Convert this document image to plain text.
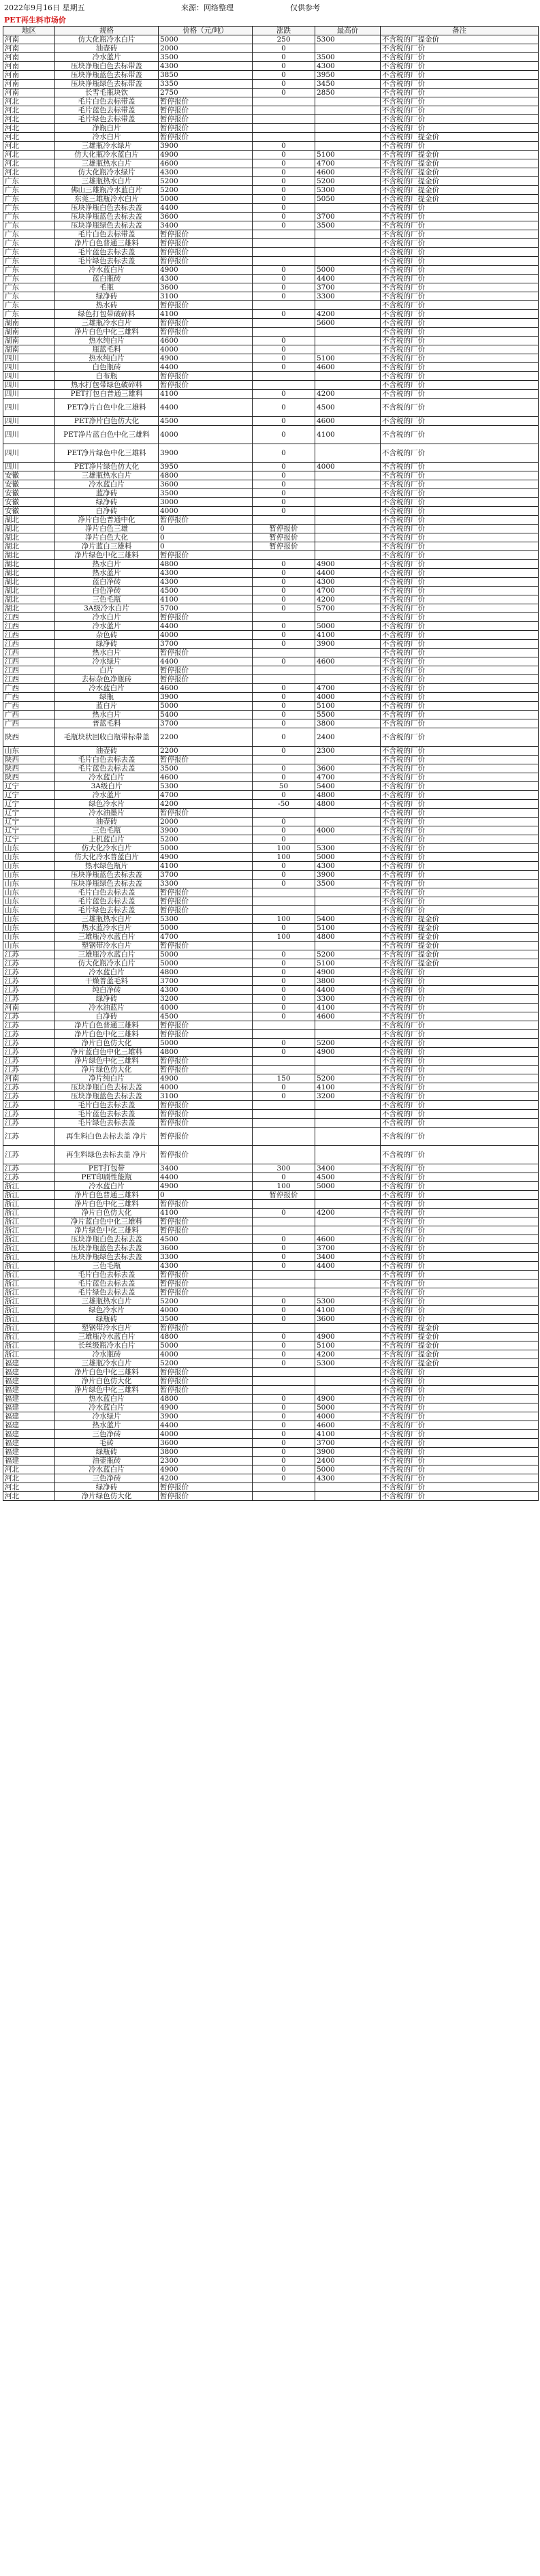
2022年9月16日 星期五	来源：网络整理	仅供参考
PET再生料市场价
地区	规格	价格（元/吨）	涨跌	最高价	备注
河南	仿大化瓶冷水白片	5000	250	5300	不含税的厂提金价
河南	油壶砖	2000	0		不含税的厂价
河南	冷水蓝片	3500	0	3500	不含税的厂价
河南	压块净瓶白色去标带盖	4300	0	4300	不含税的厂价
河南	压块净瓶蓝色去标带盖	3850	0	3950	不含税的厂价
河南	压块净瓶绿色去标带盖	3350	0	3450	不含税的厂价
河南	长雪毛瓶块饮	2750	0	2850	不含税的厂价
河北	毛片白色去标带盖	暂停报价			不含税的厂价
河北	毛片蓝色去标带盖	暂停报价			不含税的厂价
河北	毛片绿色去标带盖	暂停报价			不含税的厂价
河北	净瓶白片	暂停报价			不含税的厂价
河北	冷水白片	暂停报价			不含税的厂提金价
河北	三雄瓶冷水绿片	3900	0		不含税的厂价
河北	仿大化瓶冷水蓝白片	4900	0	5100	不含税的厂提金价
河北	三雄瓶热水白片	4600	0	4700	不含税的厂提金价
河北	仿大化瓶冷水绿片	4300	0	4600	不含税的厂提金价
广东	三雄瓶热水白片	5200	0	5200	不含税的厂提金价
广东	佛山三雄瓶冷水蓝白片	5200	0	5300	不含税的厂提金价
广东	东莞三雄瓶冷水白片	5000	0	5050	不含税的厂提金价
广东	压块净瓶白色去标去盖	4400	0		不含税的厂价
广东	压块净瓶蓝色去标去盖	3600	0	3700	不含税的厂价
广东	压块净瓶绿色去标去盖	3400	0	3500	不含税的厂价
广东	毛片白色去标带盖	暂停报价			不含税的厂价
广东	净片白色普通三雄料	暂停报价			不含税的厂价
广东	毛片蓝色去标去盖	暂停报价			不含税的厂价
广东	毛片绿色去标去盖	暂停报价			不含税的厂价
广东	冷水蓝白片	4900	0	5000	不含税的厂价
广东	蓝白瓶砖	4300	0	4400	不含税的厂价
广东	毛瓶	3600	0	3700	不含税的厂价
广东	绿净砖	3100	0	3300	不含税的厂价
广东	热水砖	暂停报价			不含税的厂价
广东	绿色打包带破碎料	4100	0	4200	不含税的厂价
湖南	三雄瓶冷水白片	暂停报价		5600	不含税的厂价
湖南	净片白色中化三雄料	暂停报价			不含税的厂价
湖南	热水纯白片	4600	0		不含税的厂价
湖南	瓶蓝毛料	4000	0		不含税的厂价
四川	热水纯白片	4900	0	5100	不含税的厂价
四川	白色瓶砖	4400	0	4600	不含税的厂价
四川	白布瓶	暂停报价			不含税的厂价
四川	热水打包带绿色破碎料	暂停报价			不含税的厂价
四川	PET打包白普通三雄料	4100	0	4200	不含税的厂价
四川	PET净片白色中化三雄料	4400	0	4500	不含税的厂价
四川	PET净片白色仿大化	4500	0	4600	不含税的厂价
四川	PET净片蓝白色中化三雄料	4000	0	4100	不含税的厂价
四川	PET净片绿色中化三雄料	3900	0		不含税的厂价
四川	PET净片绿色仿大化	3950	0	4000	不含税的厂价
安徽	三雄瓶热水白片	4800	0		不含税的厂价
安徽	冷水蓝白片	3600	0		不含税的厂价
安徽	蓝净砖	3500	0		不含税的厂价
安徽	绿净砖	3000	0		不含税的厂价
安徽	白净砖	4000	0		不含税的厂价
湖北	净片白色普通中化	暂停报价			不含税的厂价
湖北	净片白色三雄	0	暂停报价		不含税的厂价
湖北	净片白色大化	0	暂停报价		不含税的厂价
湖北	净片蓝白三雄料	0	暂停报价		不含税的厂价
湖北	净片绿色中化三雄料	暂停报价			不含税的厂价
湖北	热水白片	4800	0	4900	不含税的厂价
湖北	热水蓝片	4300	0	4400	不含税的厂价
湖北	蓝白净砖	4300	0	4300	不含税的厂价
湖北	白色净砖	4500	0	4700	不含税的厂价
湖北	三色毛瓶	4100	0	4200	不含税的厂价
湖北	3A级冷水白片	5700	0	5700	不含税的厂价
江西	冷水白片	暂停报价			不含税的厂价
江西	冷水蓝片	4400	0	5000	不含税的厂价
江西	杂色砖	4000	0	4100	不含税的厂价
江西	绿净砖	3700	0	3900	不含税的厂价
江西	热水白片	暂停报价			不含税的厂价
江西	冷水绿片	4400	0	4600	不含税的厂价
江西	白片	暂停报价			不含税的厂价
江西	去标杂色净瓶砖	暂停报价			不含税的厂价
广西	冷水蓝白片	4600	0	4700	不含税的厂价
广西	绿瓶	3900	0	4000	不含税的厂价
广西	蓝白片	5000	0	5100	不含税的厂价
广西	热水白片	5400	0	5500	不含税的厂价
广西	普蓝毛料	3700	0	3800	不含税的厂价
陕西	毛瓶块状回收白瓶带标带盖	2200	0	2400	不含税的厂价
山东	油壶砖	2200	0	2300	不含税的厂价
陕西	毛片白色去标去盖	暂停报价			不含税的厂价
陕西	毛片蓝色去标去盖	3500	0	3600	不含税的厂价
陕西	冷水蓝白片	4600	0	4700	不含税的厂价
辽宁	3A级白片	5300	50	5400	不含税的厂价
辽宁	冷水蓝片	4700	0	4800	不含税的厂价
辽宁	绿色冷水片	4200	-50	4800	不含税的厂价
辽宁	冷水油墨片	暂停报价			不含税的厂价
辽宁	油壶砖	2000	0		不含税的厂价
辽宁	三色毛瓶	3900	0	4000	不含税的厂价
辽宁	上机蓝白片	5200	0		不含税的厂价
山东	仿大化冷水白片	5000	100	5300	不含税的厂价
山东	仿大化冷水普蓝白片	4900	100	5000	不含税的厂价
山东	热水绿色瓶片	4100	0	4300	不含税的厂价
山东	压块净瓶蓝色去标去盖	3700	0	3900	不含税的厂价
山东	压块净瓶绿色去标去盖	3300	0	3500	不含税的厂价
山东	毛片白色去标去盖	暂停报价			不含税的厂价
山东	毛片蓝色去标去盖	暂停报价			不含税的厂价
山东	毛片绿色去标去盖	暂停报价			不含税的厂价
山东	三雄瓶热水白片	5300	100	5400	不含税的厂提金价
山东	热水蓝冷水白片	5000	0	5100	不含税的厂提金价
山东	三雄瓶冷水蓝白片	4700	100	4800	不含税的厂提金价
山东	塑钢带冷水白片	暂停报价			不含税的厂提金价
江苏	三雄瓶冷水蓝白片	5000	0	5200	不含税的厂提金价
江苏	仿大化瓶冷水白片	5000	0	5100	不含税的厂提金价
江苏	冷水蓝白片	4800	0	4900	不含税的厂价
江苏	干燥普蓝毛料	3700	0	3800	不含税的厂价
江苏	纯白净砖	4300	0	4400	不含税的厂价
江苏	绿净砖	3200	0	3300	不含税的厂价
河南	冷水油蓝片	4000	0	4100	不含税的厂价
江苏	白净砖	4500	0	4600	不含税的厂价
江苏	净片白色普通三雄料	暂停报价			不含税的厂价
江苏	净片白色中化三雄料	暂停报价			不含税的厂价
江苏	净片白色仿大化	5000	0	5200	不含税的厂价
江苏	净片蓝白色中化三雄料	4800	0	4900	不含税的厂价
江苏	净片绿色中化三雄料	暂停报价			不含税的厂价
江苏	净片绿色仿大化	暂停报价			不含税的厂价
河南	净片纯白片	4900	150	5200	不含税的厂价
江苏	压块净瓶白色去标去盖	4000	0	4100	不含税的厂价
江苏	压块净瓶蓝色去标去盖	3100	0	3200	不含税的厂价
江苏	毛片白色去标去盖	暂停报价			不含税的厂价
江苏	毛片蓝色去标去盖	暂停报价			不含税的厂价
江苏	毛片绿色去标去盖	暂停报价			不含税的厂价
江苏	再生料白色去标去盖 净片	暂停报价			不含税的厂价
江苏	再生料绿色去标去盖 净片	暂停报价			不含税的厂价
江苏	PET打包带	3400	300	3400	不含税的厂价
江苏	PET印刷性能瓶	4400	0	4500	不含税的厂价
浙江	冷水蓝白片	4900	100	5000	不含税的厂价
浙江	净片白色普通三雄料	0	暂停报价		不含税的厂价
浙江	净片白色中化三雄料	暂停报价			不含税的厂价
浙江	净片白色仿大化	4100	0	4200	不含税的厂价
浙江	净片蓝白色中化三雄料	暂停报价			不含税的厂价
浙江	净片绿色中化三雄料	暂停报价			不含税的厂价
浙江	压块净瓶白色去标去盖	4500	0	4600	不含税的厂价
浙江	压块净瓶蓝色去标去盖	3600	0	3700	不含税的厂价
浙江	压块净瓶绿色去标去盖	3300	0	3400	不含税的厂价
浙江	三色毛瓶	4300	0	4400	不含税的厂价
浙江	毛片白色去标去盖	暂停报价			不含税的厂价
浙江	毛片蓝色去标去盖	暂停报价			不含税的厂价
浙江	毛片绿色去标去盖	暂停报价			不含税的厂价
浙江	三雄瓶热水白片	5200	0	5300	不含税的厂价
浙江	绿色冷水片	4000	0	4100	不含税的厂价
浙江	绿瓶砖	3500	0	3600	不含税的厂价
浙江	塑钢带冷水白片	暂停报价			不含税的厂提金价
浙江	三雄瓶冷水蓝白片	4800	0	4900	不含税的厂提金价
浙江	长丝级瓶冷水白片	5000	0	5100	不含税的厂提金价
浙江	冷水瓶砖	4000	0	4200	不含税的厂提金价
福建	三雄瓶冷水白片	5200	0	5300	不含税的厂提金价
福建	净片白色中化三雄料	暂停报价			不含税的厂价
福建	净片白色仿大化	暂停报价			不含税的厂价
福建	净片绿色中化三雄料	暂停报价			不含税的厂价
福建	热水蓝白片	4800	0	4900	不含税的厂价
福建	冷水蓝白片	4900	0	5000	不含税的厂价
福建	冷水绿片	3900	0	4000	不含税的厂价
福建	热水蓝片	4400	0	4600	不含税的厂价
福建	三色净砖	4000	0	4100	不含税的厂价
福建	毛砖	3600	0	3700	不含税的厂价
福建	绿瓶砖	3800	0	3900	不含税的厂价
福建	油壶瓶砖	2300	0	2400	不含税的厂价
河北	冷水蓝白片	4900	0	5000	不含税的厂价
河北	三色净砖	4200	0	4300	不含税的厂价
河北	绿净砖	暂停报价			不含税的厂价
河北	净片绿色仿大化	暂停报价			不含税的厂价
